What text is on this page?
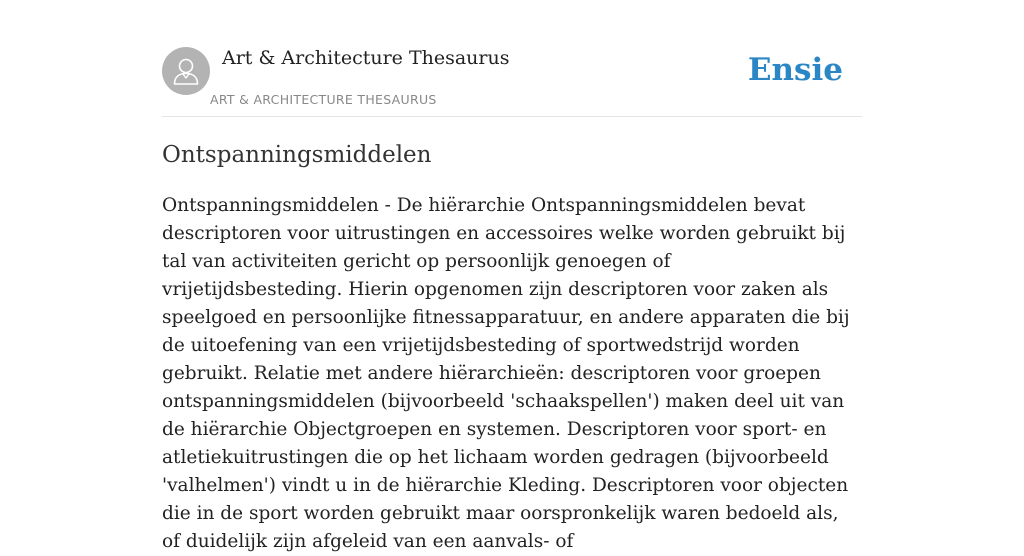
Art & Architecture Thesaurus
ART & ARCHITECTURE THESAURUS
Ensie
Ontspanningsmiddelen

Ontspanningsmiddelen - De hiërarchie Ontspanningsmiddelen bevat descriptoren voor uitrustingen en accessoires welke worden gebruikt bij tal van activiteiten gericht op persoonlijk genoegen of vrijetijdsbesteding. Hierin opgenomen zijn descriptoren voor zaken als speelgoed en persoonlijke fitnessapparatuur, en andere apparaten die bij de uitoefening van een vrijetijdsbesteding of sportwedstrijd worden gebruikt. Relatie met andere hiërarchieën: descriptoren voor groepen ontspanningsmiddelen (bijvoorbeeld 'schaakspellen') maken deel uit van de hiërarchie Objectgroepen en systemen. Descriptoren voor sport- en atletiekuitrustingen die op het lichaam worden gedragen (bijvoorbeeld 'valhelmen') vindt u in de hiërarchie Kleding. Descriptoren voor objecten die in de sport worden gebruikt maar oorspronkelijk waren bedoeld als, of duidelijk zijn afgeleid van een aanvals- of
